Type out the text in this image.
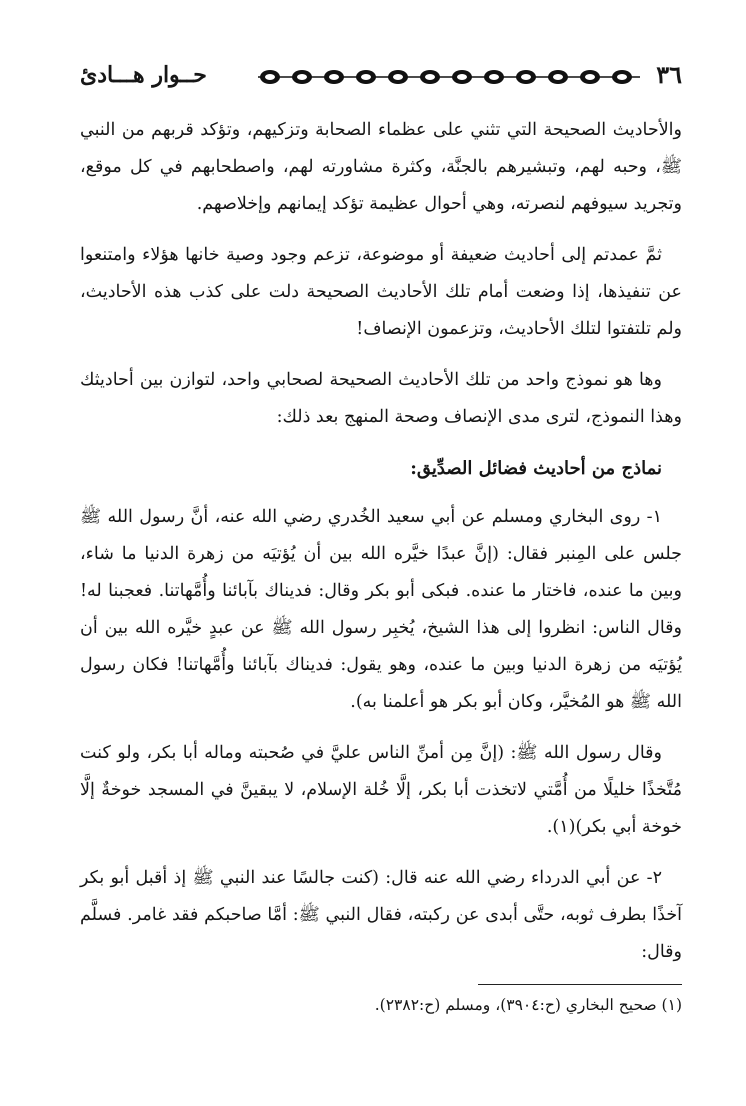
حــوار هـــادئ	٣٦

والأحاديث الصحيحة التي تثني على عظماء الصحابة وتزكيهم، وتؤكد قربهم من النبي ﷺ، وحبه لهم، وتبشيرهم بالجنَّة، وكثرة مشاورته لهم، واصطحابهم في كل موقع، وتجريد سيوفهم لنصرته، وهي أحوال عظيمة تؤكد إيمانهم وإخلاصهم.

ثمَّ عمدتم إلى أحاديث ضعيفة أو موضوعة، تزعم وجود وصية خانها هؤلاء وامتنعوا عن تنفيذها، إذا وضعت أمام تلك الأحاديث الصحيحة دلت على كذب هذه الأحاديث، ولم تلتفتوا لتلك الأحاديث، وتزعمون الإنصاف!

وها هو نموذج واحد من تلك الأحاديث الصحيحة لصحابي واحد، لتوازن بين أحاديثك وهذا النموذج، لترى مدى الإنصاف وصحة المنهج بعد ذلك:

نماذج من أحاديث فضائل الصدِّيق:

١- روى البخاري ومسلم عن أبي سعيد الخُدري رضي الله عنه، أنَّ رسول الله ﷺ جلس على المِنبر فقال: (إنَّ عبدًا خيَّره الله بين أن يُؤتيَه من زهرة الدنيا ما شاء، وبين ما عنده، فاختار ما عنده. فبكى أبو بكر وقال: فديناك بآبائنا وأُمَّهاتنا. فعجبنا له! وقال الناس: انظروا إلى هذا الشيخ، يُخبِر رسول الله ﷺ عن عبدٍ خيَّره الله بين أن يُؤتيَه من زهرة الدنيا وبين ما عنده، وهو يقول: فديناك بآبائنا وأُمَّهاتنا! فكان رسول الله ﷺ هو المُخيَّر، وكان أبو بكر هو أعلمنا به).

وقال رسول الله ﷺ: (إنَّ مِن أمنِّ الناس عليَّ في صُحبته وماله أبا بكر، ولو كنت مُتَّخذًا خليلًا من أُمَّتي لاتخذت أبا بكر، إلَّا خُلة الإسلام، لا يبقينَّ في المسجد خوخةٌ إلَّا خوخة أبي بكر)(١).

٢- عن أبي الدرداء رضي الله عنه قال: (كنت جالسًا عند النبي ﷺ إذ أقبل أبو بكر آخذًا بطرف ثوبه، حتَّى أبدى عن ركبته، فقال النبي ﷺ: أمَّا صاحبكم فقد غامر. فسلَّم وقال:

(١) صحيح البخاري (ح:٣٩٠٤)، ومسلم (ح:٢٣٨٢).
